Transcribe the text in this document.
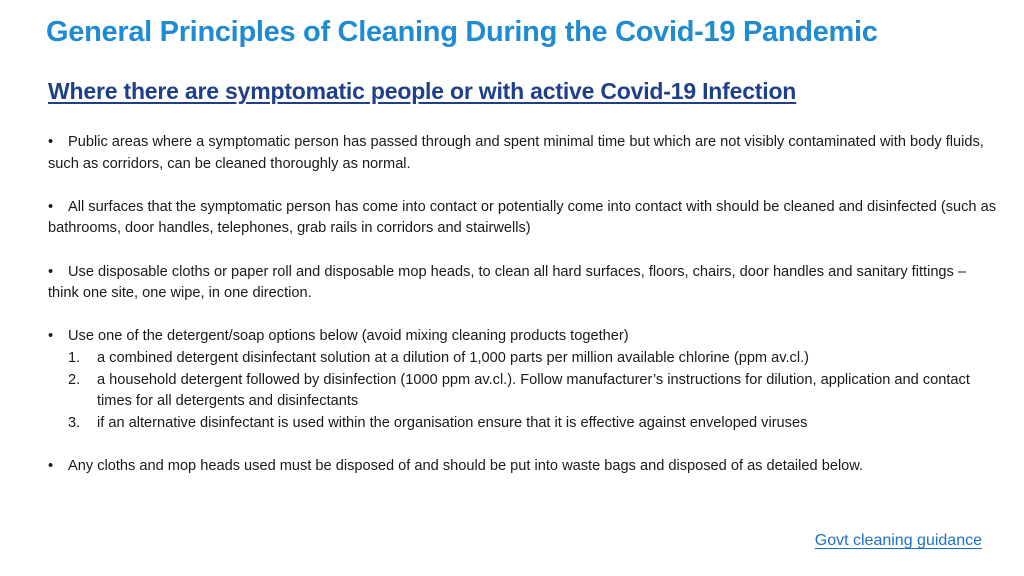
General Principles of Cleaning During the Covid-19 Pandemic
Where there are symptomatic people or with active Covid-19 Infection

• Public areas where a symptomatic person has passed through and spent minimal time but which are not visibly contaminated with body fluids, such as corridors, can be cleaned thoroughly as normal.

• All surfaces that the symptomatic person has come into contact or potentially come into contact with should be cleaned and disinfected (such as bathrooms, door handles, telephones, grab rails in corridors and stairwells)

• Use disposable cloths or paper roll and disposable mop heads, to clean all hard surfaces, floors, chairs, door handles and sanitary fittings – think one site, one wipe, in one direction.

• Use one of the detergent/soap options below (avoid mixing cleaning products together)
1. a combined detergent disinfectant solution at a dilution of 1,000 parts per million available chlorine (ppm av.cl.)
2. a household detergent followed by disinfection (1000 ppm av.cl.). Follow manufacturer’s instructions for dilution, application and contact times for all detergents and disinfectants
3. if an alternative disinfectant is used within the organisation ensure that it is effective against enveloped viruses

• Any cloths and mop heads used must be disposed of and should be put into waste bags and disposed of as detailed below.

Govt cleaning guidance
